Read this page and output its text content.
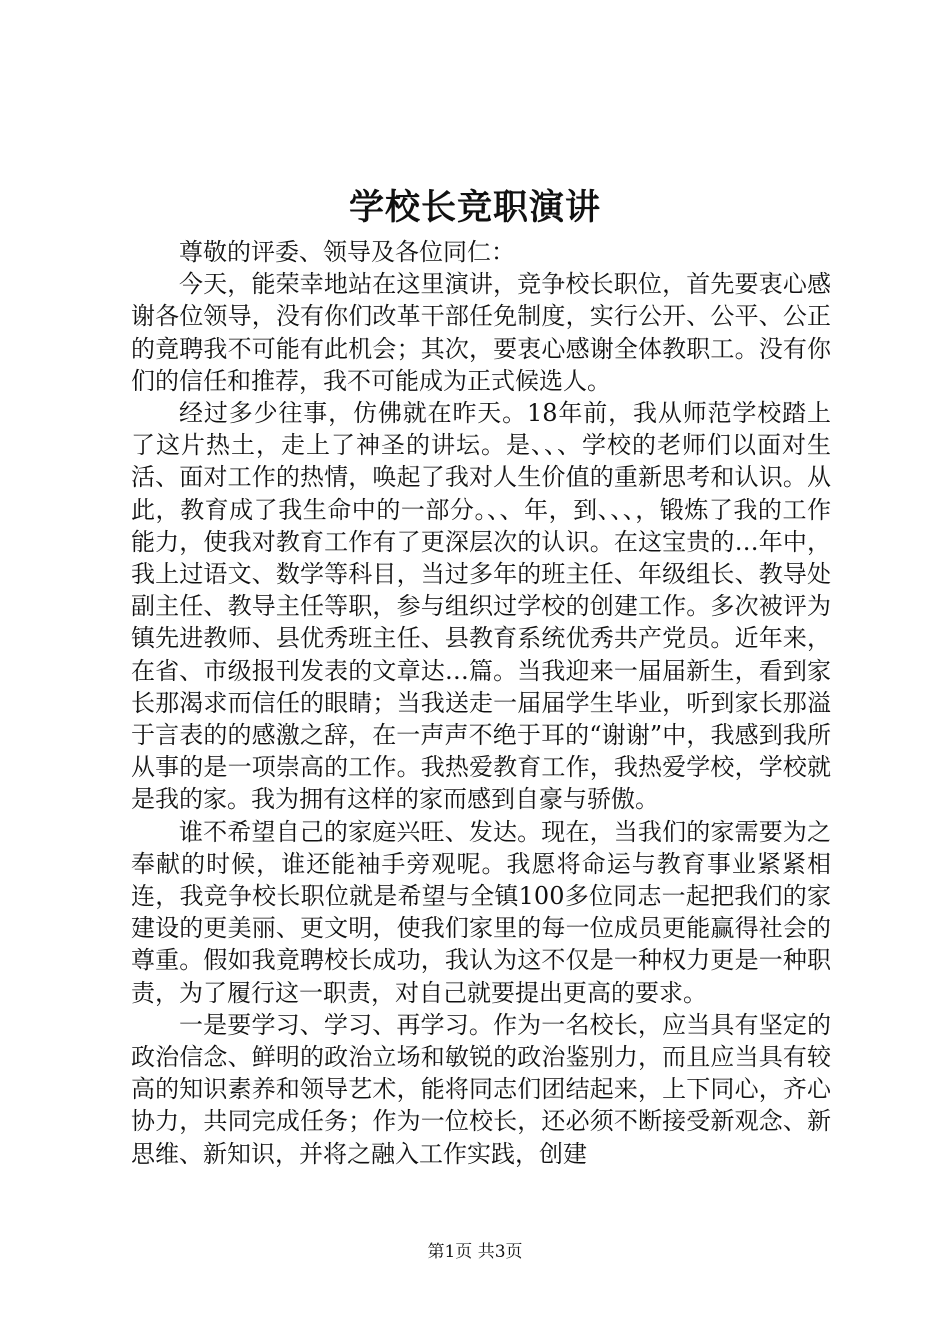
学校长竞职演讲

尊敬的评委、领导及各位同仁：

今天，能荣幸地站在这里演讲，竞争校长职位，首先要衷心感谢各位领导，没有你们改革干部任免制度，实行公开、公平、公正的竟聘我不可能有此机会；其次，要衷心感谢全体教职工。没有你们的信任和推荐，我不可能成为正式候选人。

经过多少往事，仿佛就在昨天。18年前，我从师范学校踏上了这片热土，走上了神圣的讲坛。是、、、学校的老师们以面对生活、面对工作的热情，唤起了我对人生价值的重新思考和认识。从此，教育成了我生命中的一部分。、、年，到、、、，锻炼了我的工作能力，使我对教育工作有了更深层次的认识。在这宝贵的…年中，我上过语文、数学等科目，当过多年的班主任、年级组长、教导处副主任、教导主任等职，参与组织过学校的创建工作。多次被评为镇先进教师、县优秀班主任、县教育系统优秀共产党员。近年来，在省、市级报刊发表的文章达…篇。当我迎来一届届新生，看到家长那渴求而信任的眼睛；当我送走一届届学生毕业，听到家长那溢于言表的的感激之辞，在一声声不绝于耳的“谢谢”中，我感到我所从事的是一项崇高的工作。我热爱教育工作，我热爱学校，学校就是我的家。我为拥有这样的家而感到自豪与骄傲。

谁不希望自己的家庭兴旺、发达。现在，当我们的家需要为之奉献的时候，谁还能袖手旁观呢。我愿将命运与教育事业紧紧相连，我竞争校长职位就是希望与全镇100多位同志一起把我们的家建设的更美丽、更文明，使我们家里的每一位成员更能赢得社会的尊重。假如我竟聘校长成功，我认为这不仅是一种权力更是一种职责，为了履行这一职责，对自己就要提出更高的要求。

一是要学习、学习、再学习。作为一名校长，应当具有坚定的政治信念、鲜明的政治立场和敏锐的政治鉴别力，而且应当具有较高的知识素养和领导艺术，能将同志们团结起来，上下同心，齐心协力，共同完成任务；作为一位校长，还必须不断接受新观念、新思维、新知识，并将之融入工作实践，创建

第1页 共3页
